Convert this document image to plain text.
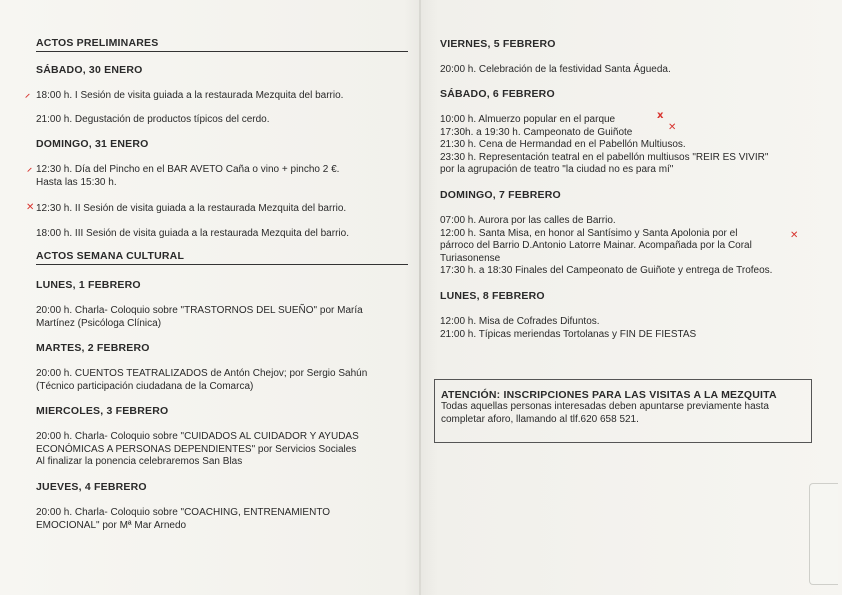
ACTOS PRELIMINARES
SÁBADO, 30 ENERO
18:00 h. I Sesión de visita guiada a la restaurada Mezquita del barrio.
21:00 h. Degustación de productos típicos del cerdo.
DOMINGO, 31 ENERO
12:30 h. Día del Pincho en el BAR AVETO Caña o vino + pincho 2 €.
Hasta las 15:30 h.
12:30 h. II Sesión de visita guiada a la restaurada Mezquita del barrio.
18:00 h. III Sesión de visita guiada a la restaurada Mezquita del barrio.
ACTOS SEMANA CULTURAL
LUNES, 1 FEBRERO
20:00 h. Charla- Coloquio sobre "TRASTORNOS DEL SUEÑO" por María
Martínez (Psicóloga Clínica)
MARTES, 2 FEBRERO
20:00 h. CUENTOS TEATRALIZADOS de Antón Chejov; por Sergio Sahún
(Técnico participación ciudadana de la Comarca)
MIERCOLES, 3 FEBRERO
20:00 h. Charla- Coloquio sobre "CUIDADOS AL CUIDADOR Y AYUDAS
ECONÓMICAS A PERSONAS DEPENDIENTES" por Servicios Sociales
Al finalizar la ponencia celebraremos San Blas
JUEVES, 4 FEBRERO
20:00 h. Charla- Coloquio sobre "COACHING, ENTRENAMIENTO
EMOCIONAL" por Mª Mar Arnedo
⸍
⸍
✕
VIERNES, 5 FEBRERO
20:00 h. Celebración de la festividad Santa Águeda.
SÁBADO, 6 FEBRERO
10:00 h. Almuerzo popular en el parque
17:30h. a 19:30 h. Campeonato de Guiñote
21:30 h. Cena de Hermandad en el Pabellón Multiusos.
23:30 h. Representación teatral en el pabellón multiusos "REIR ES VIVIR"
por la agrupación de teatro "la ciudad no es para mí"
DOMINGO, 7 FEBRERO
07:00 h. Aurora por las calles de Barrio.
12:00 h. Santa Misa, en honor al Santísimo y Santa Apolonia por el
párroco del Barrio D.Antonio Latorre Mainar. Acompañada por la Coral
Turiasonense
17:30 h. a 18:30 Finales del Campeonato de Guiñote y entrega de Trofeos.
LUNES, 8 FEBRERO
12:00 h. Misa de Cofrades Difuntos.
21:00 h. Típicas meriendas Tortolanas y FIN DE FIESTAS
x
✕
✕
ATENCIÓN: INSCRIPCIONES PARA LAS VISITAS A LA MEZQUITA
Todas aquellas personas interesadas deben apuntarse previamente hasta
completar aforo, llamando al tlf.620 658 521.
